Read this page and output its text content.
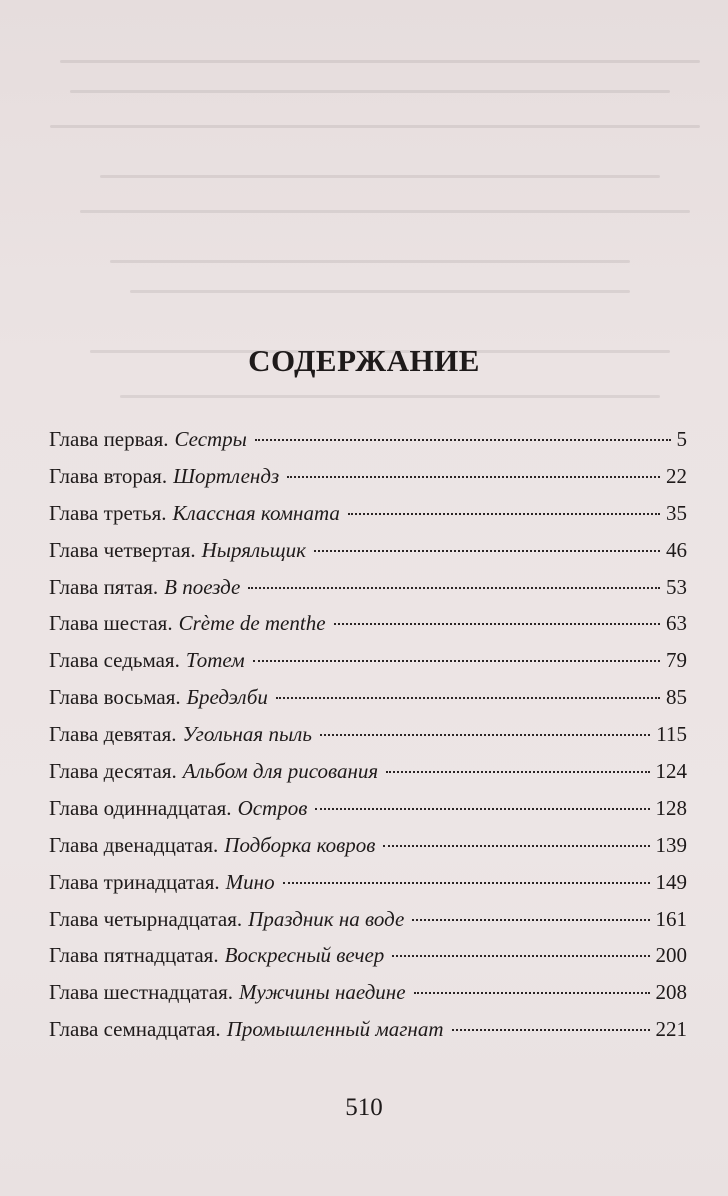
СОДЕРЖАНИЕ
Глава первая. Сестры	5
Глава вторая. Шортлендз	22
Глава третья. Классная комната	35
Глава четвертая. Ныряльщик	46
Глава пятая. В поезде	53
Глава шестая. Crème de menthe	63
Глава седьмая. Тотем	79
Глава восьмая. Бредэлби	85
Глава девятая. Угольная пыль	115
Глава десятая. Альбом для рисования	124
Глава одиннадцатая. Остров	128
Глава двенадцатая. Подборка ковров	139
Глава тринадцатая. Мино	149
Глава четырнадцатая. Праздник на воде	161
Глава пятнадцатая. Воскресный вечер	200
Глава шестнадцатая. Мужчины наедине	208
Глава семнадцатая. Промышленный магнат	221
510
